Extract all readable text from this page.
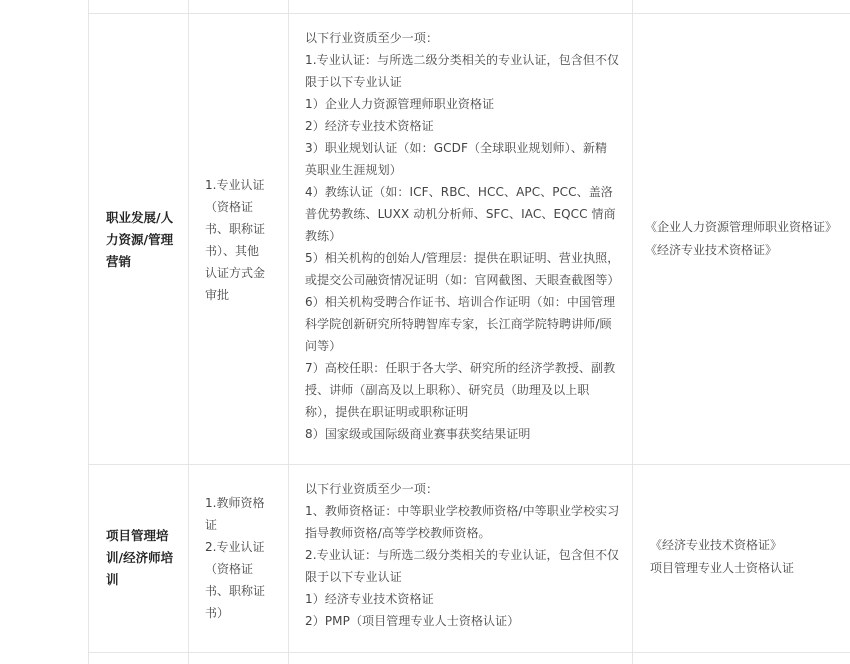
职业发展/人

力资源/管理

营销

1.专业认证

（资格证

书、职称证

书）、其他

认证方式金

审批

以下行业资质至少一项：

1.专业认证：与所选二级分类相关的专业认证，包含但不仅

限于以下专业认证

1）企业人力资源管理师职业资格证

2）经济专业技术资格证

3）职业规划认证（如：GCDF（全球职业规划师）、新精

英职业生涯规划）

4）教练认证（如：ICF、RBC、HCC、APC、PCC、盖洛

普优势教练、LUXX 动机分析师、SFC、IAC、EQCC 情商

教练）

5）相关机构的创始人/管理层：提供在职证明、营业执照，

或提交公司融资情况证明（如：官网截图、天眼查截图等）

6）相关机构受聘合作证书、培训合作证明（如：中国管理

科学院创新研究所特聘智库专家，长江商学院特聘讲师/顾

问等）

7）高校任职：任职于各大学、研究所的经济学教授、副教

授、讲师（副高及以上职称）、研究员（助理及以上职

称），提供在职证明或职称证明

8）国家级或国际级商业赛事获奖结果证明

《企业人力资源管理师职业资格证》

《经济专业技术资格证》

项目管理培

训/经济师培

训

1.教师资格

证

2.专业认证

（资格证

书、职称证

书）

以下行业资质至少一项：

1、教师资格证：中等职业学校教师资格/中等职业学校实习

指导教师资格/高等学校教师资格。

2.专业认证：与所选二级分类相关的专业认证，包含但不仅

限于以下专业认证

1）经济专业技术资格证

2）PMP（项目管理专业人士资格认证）

《经济专业技术资格证》

项目管理专业人士资格认证
